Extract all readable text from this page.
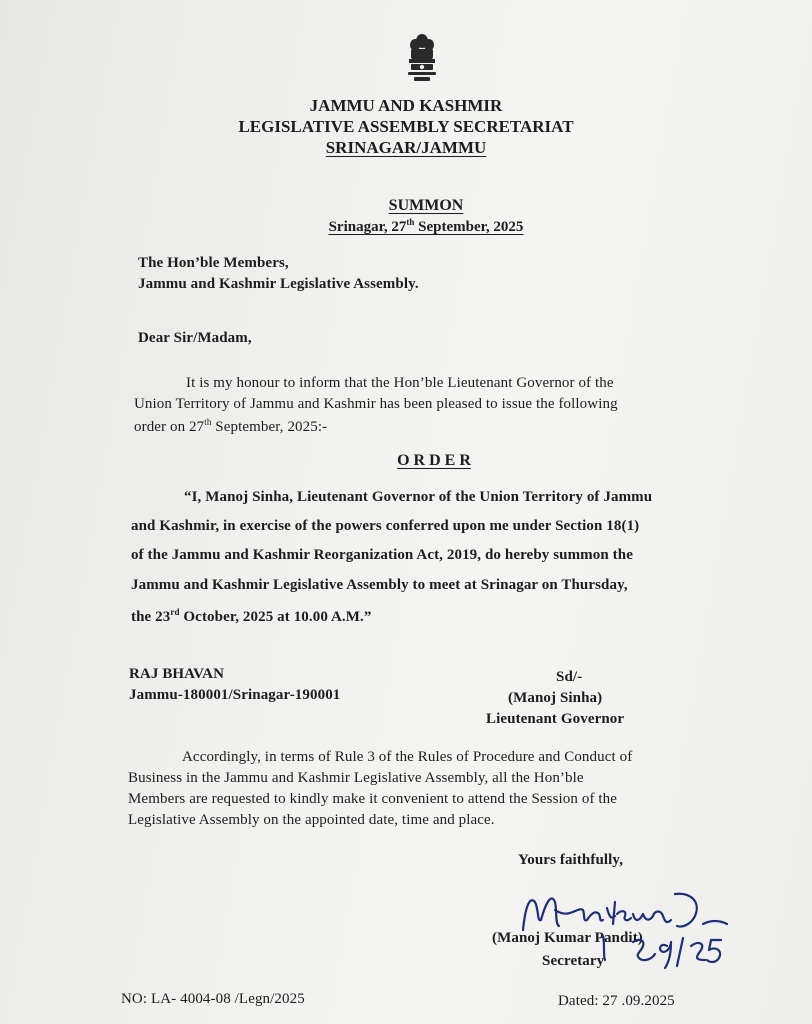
JAMMU AND KASHMIR
LEGISLATIVE ASSEMBLY SECRETARIAT
SRINAGAR/JAMMU
SUMMON
Srinagar, 27th September, 2025
The Hon’ble Members,
Jammu and Kashmir Legislative Assembly.
Dear Sir/Madam,
It is my honour to inform that the Hon’ble Lieutenant Governor of the
Union Territory of Jammu and Kashmir has been pleased to issue the following
order on 27th September, 2025:-
O R D E R
“I, Manoj Sinha, Lieutenant Governor of the Union Territory of Jammu
and Kashmir, in exercise of the powers conferred upon me under Section 18(1)
of the Jammu and Kashmir Reorganization Act, 2019, do hereby summon the
Jammu and Kashmir Legislative Assembly to meet at Srinagar on Thursday,
the 23rd October, 2025 at 10.00 A.M.”
RAJ BHAVAN
Jammu-180001/Srinagar-190001
Sd/-
(Manoj Sinha)
Lieutenant Governor
Accordingly, in terms of Rule 3 of the Rules of Procedure and Conduct of
Business in the Jammu and Kashmir Legislative Assembly, all the Hon’ble
Members are requested to kindly make it convenient to attend the Session of the
Legislative Assembly on the appointed date, time and place.
Yours faithfully,
(Manoj Kumar Pandit)
Secretary
NO: LA- 4004-08 /Legn/2025	Dated: 27 .09.2025
